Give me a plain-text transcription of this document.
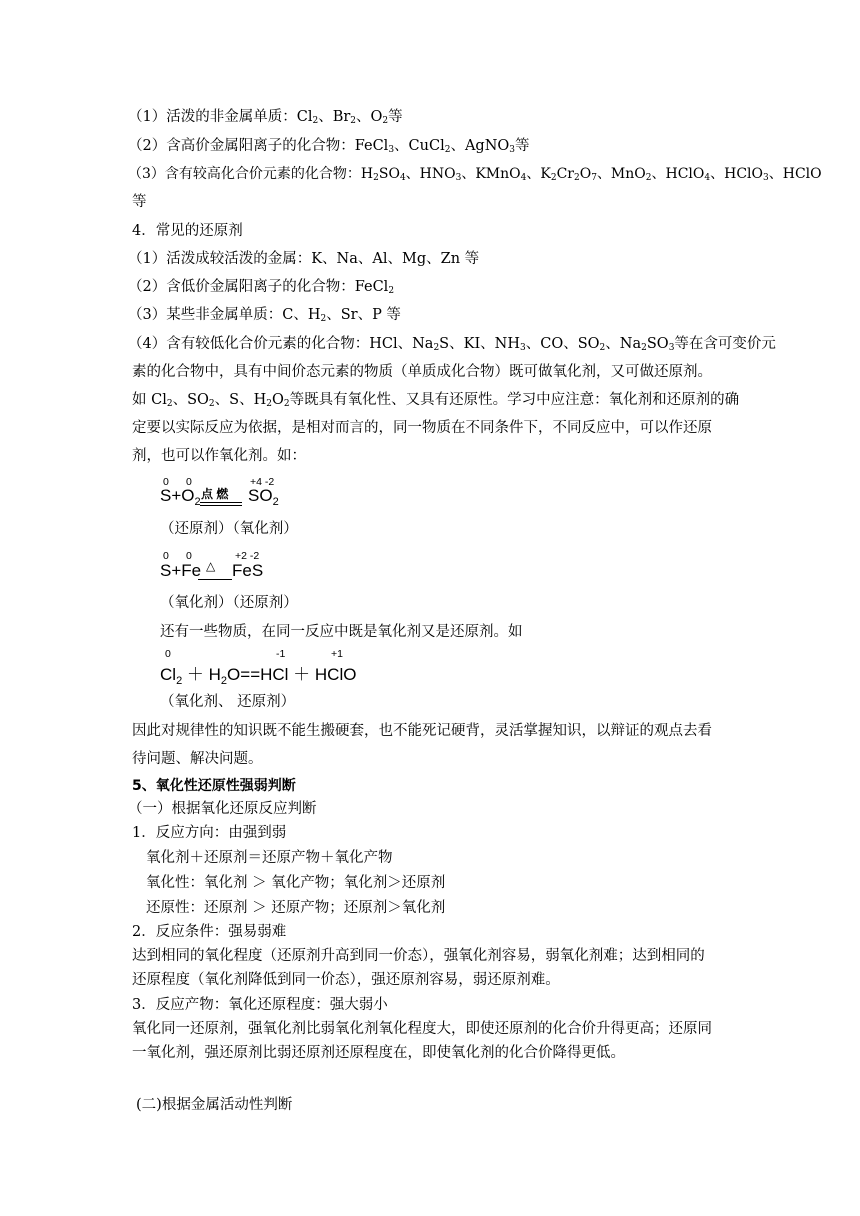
（1）活泼的非金属单质：$Cl_2$、$Br_2$、$O_2$等
（2）含高价金属阳离子的化合物：FeCl$_3$、CuCl$_2$、AgNO$_3$等
（3）含有较高化合价元素的化合物：$H_2SO_4$、$HNO_3$、KMnO$_4$、$K_2Cr_2O_7$、MnO$_2$、HClO$_4$、HClO$_3$、HClO
等
4．常见的还原剂
（1）活泼成较活泼的金属：K、Na、Al、Mg、Zn 等
（2）含低价金属阳离子的化合物：FeCl$_2$
（3）某些非金属单质：C、$H_2$、Sr、P 等
（4）含有较低化合价元素的化合物：HCl、$Na_2S$、KI、$NH_3$、CO、$SO_2$、$Na_2SO_3$等在含可变价元
素的化合物中，具有中间价态元素的物质（单质成化合物）既可做氧化剂，又可做还原剂。
如 $Cl_2$、$SO_2$、S、$H_2O_2$等既具有氧化性、又具有还原性。学习中应注意：氧化剂和还原剂的确
定要以实际反应为依据，是相对而言的，同一物质在不同条件下，不同反应中，可以作还原
剂，也可以作氧化剂。如：
0 0	+4 -2
$S+O_2$
点 燃 $SO_2$
（还原剂）（氧化剂）
0 0	+2 -2
S+Fe △ FeS
（氧化剂）（还原剂）
还有一些物质，在同一反应中既是氧化剂又是还原剂。如
0	-1	+1
$Cl_2 + H_2O==HCl$ ＋ HClO
（氧化剂、 还原剂）
因此对规律性的知识既不能生搬硬套，也不能死记硬背，灵活掌握知识，以辩证的观点去看
待问题、解决问题。
5、氧化性还原性强弱判断
（一）根据氧化还原反应判断
1．反应方向：由强到弱
氧化剂＋还原剂＝还原产物＋氧化产物
氧化性：氧化剂 ＞ 氧化产物；氧化剂＞还原剂
还原性：还原剂 ＞ 还原产物；还原剂＞氧化剂
2．反应条件：强易弱难
达到相同的氧化程度（还原剂升高到同一价态），强氧化剂容易，弱氧化剂难；达到相同的
还原程度（氧化剂降低到同一价态），强还原剂容易，弱还原剂难。
3．反应产物：氧化还原程度：强大弱小
氧化同一还原剂，强氧化剂比弱氧化剂氧化程度大，即使还原剂的化合价升得更高；还原同
一氧化剂，强还原剂比弱还原剂还原程度在，即使氧化剂的化合价降得更低。
(二)根据金属活动性判断
